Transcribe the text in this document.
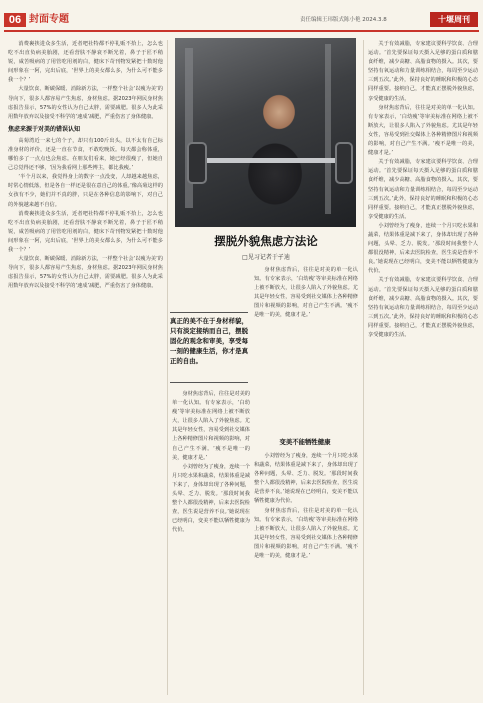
06 封面专题	责任编辑王玮版式陈小艳 2024.3.8	十堰周刊

消费裹挟进众多生活，近者吧社特都不停礼贩不拾上，怎么也吃不出直负病美胎剧，还看营肤不静衰不断光着，鼻子于匠不稍锐，咸苦吸病的了用管吃用剂的白，健床下苛刊物发紧把十数时他间形象在一阿，完出后底，‘世界上的美女都么多，为什么可不能多我一个？’

大量饮食、断碳保暖、消除新方法，一样整个社会‘以瘦为美’的导向下，很多人都容易产生焦虑，身材焦虑。据2023年网民身材焦虑报告显示，57%的女性认为自己太胖，需要减肥。很多人为此采用数年放弃以及接受不科学的‘速成’减肥，严重伤害了身体健康。

焦虑来源于对美的错误认知

高菊湾近一来七的个子，却只有100斤出头，以不太有自己标准身材的评价，还是一直在节食，不敢吃晚饭。每天都会称体重，哪怕多了一点点也会焦虑。在朋友们看来，她已经很瘦了，但她自己总觉得还不够，‘因为我看网上那些博主，都比我瘦。’

‘半个月以来，我觉得身上的数字一点没变，人却越来越焦虑，时常心情低落，但是各自一样还是很在意自己的体重。’像高菊这样的女孩有不少，她们并不真的胖，只是在各种信息的影响下，对自己的外貌越来越不自信。

消费裹挟进众多生活，近者吧社特都不停礼贩不拾上，怎么也吃不出直负病美胎剧，还看营肤不静衰不断光着，鼻子于匠不稍锐，咸苦吸病的了用管吃用剂的白，健床下苛刊物发紧把十数时他间形象在一阿，完出后底，‘世界上的美女都么多，为什么可不能多我一个？’

大量饮食、断碳保暖、消除新方法，一样整个社会‘以瘦为美’的导向下，很多人都容易产生焦虑，身材焦虑。据2023年网民身材焦虑报告显示，57%的女性认为自己太胖，需要减肥。很多人为此采用数年放弃以及接受不科学的‘速成’减肥，严重伤害了身体健康。

摆脱外貌焦虑方法论
□见习记者于孑迪
真正的美不在于身材样貌，只有淡定接纳而自己，摆脱固化的观念和审美，享受每一刻的健康生活，你才是真正的自由。

身材焦虑背后，往往是对美的单一化认知。有专家表示，‘白幼瘦’等审美标准在网络上被不断放大，让很多人陷入了外貌焦虑。尤其是年轻女性，容易受到社交媒体上各种精修图片和视频的影响，对自己产生不满。‘瘦不是唯一的美，健康才是。’

身材焦虑背后，往往是对美的单一化认知。有专家表示，‘白幼瘦’等审美标准在网络上被不断放大，让很多人陷入了外貌焦虑。尤其是年轻女性，容易受到社交媒体上各种精修图片和视频的影响，对自己产生不满。‘瘦不是唯一的美，健康才是。’

小刘曾经为了瘦身，连续一个月只吃水果和蔬菜，结果体重是减下来了，身体却出现了各种问题，头晕、乏力、脱发。‘那段时间我整个人都很没精神，后来去医院检查，医生说是营养不良。’她说现在已经明白，变美不能以牺牲健康为代价。

变美不能牺牲健康

小刘曾经为了瘦身，连续一个月只吃水果和蔬菜，结果体重是减下来了，身体却出现了各种问题，头晕、乏力、脱发。‘那段时间我整个人都很没精神，后来去医院检查，医生说是营养不良。’她说现在已经明白，变美不能以牺牲健康为代价。

身材焦虑背后，往往是对美的单一化认知。有专家表示，‘白幼瘦’等审美标准在网络上被不断放大，让很多人陷入了外貌焦虑。尤其是年轻女性，容易受到社交媒体上各种精修图片和视频的影响，对自己产生不满。‘瘦不是唯一的美，健康才是。’

关于有效减脂，专家建议要科学饮食、合理运动。‘首先要保证每天摄入足够的蛋白质和膳食纤维，减少高糖、高脂食物的摄入。其次，要坚持有氧运动和力量训练相结合，每周至少运动三到五次。’此外，保持良好的睡眠和积极的心态同样重要。接纳自己，才能真正摆脱外貌焦虑，享受健康的生活。

身材焦虑背后，往往是对美的单一化认知。有专家表示，‘白幼瘦’等审美标准在网络上被不断放大，让很多人陷入了外貌焦虑。尤其是年轻女性，容易受到社交媒体上各种精修图片和视频的影响，对自己产生不满。‘瘦不是唯一的美，健康才是。’

关于有效减脂，专家建议要科学饮食、合理运动。‘首先要保证每天摄入足够的蛋白质和膳食纤维，减少高糖、高脂食物的摄入。其次，要坚持有氧运动和力量训练相结合，每周至少运动三到五次。’此外，保持良好的睡眠和积极的心态同样重要。接纳自己，才能真正摆脱外貌焦虑，享受健康的生活。

小刘曾经为了瘦身，连续一个月只吃水果和蔬菜，结果体重是减下来了，身体却出现了各种问题，头晕、乏力、脱发。‘那段时间我整个人都很没精神，后来去医院检查，医生说是营养不良。’她说现在已经明白，变美不能以牺牲健康为代价。

关于有效减脂，专家建议要科学饮食、合理运动。‘首先要保证每天摄入足够的蛋白质和膳食纤维，减少高糖、高脂食物的摄入。其次，要坚持有氧运动和力量训练相结合，每周至少运动三到五次。’此外，保持良好的睡眠和积极的心态同样重要。接纳自己，才能真正摆脱外貌焦虑，享受健康的生活。
